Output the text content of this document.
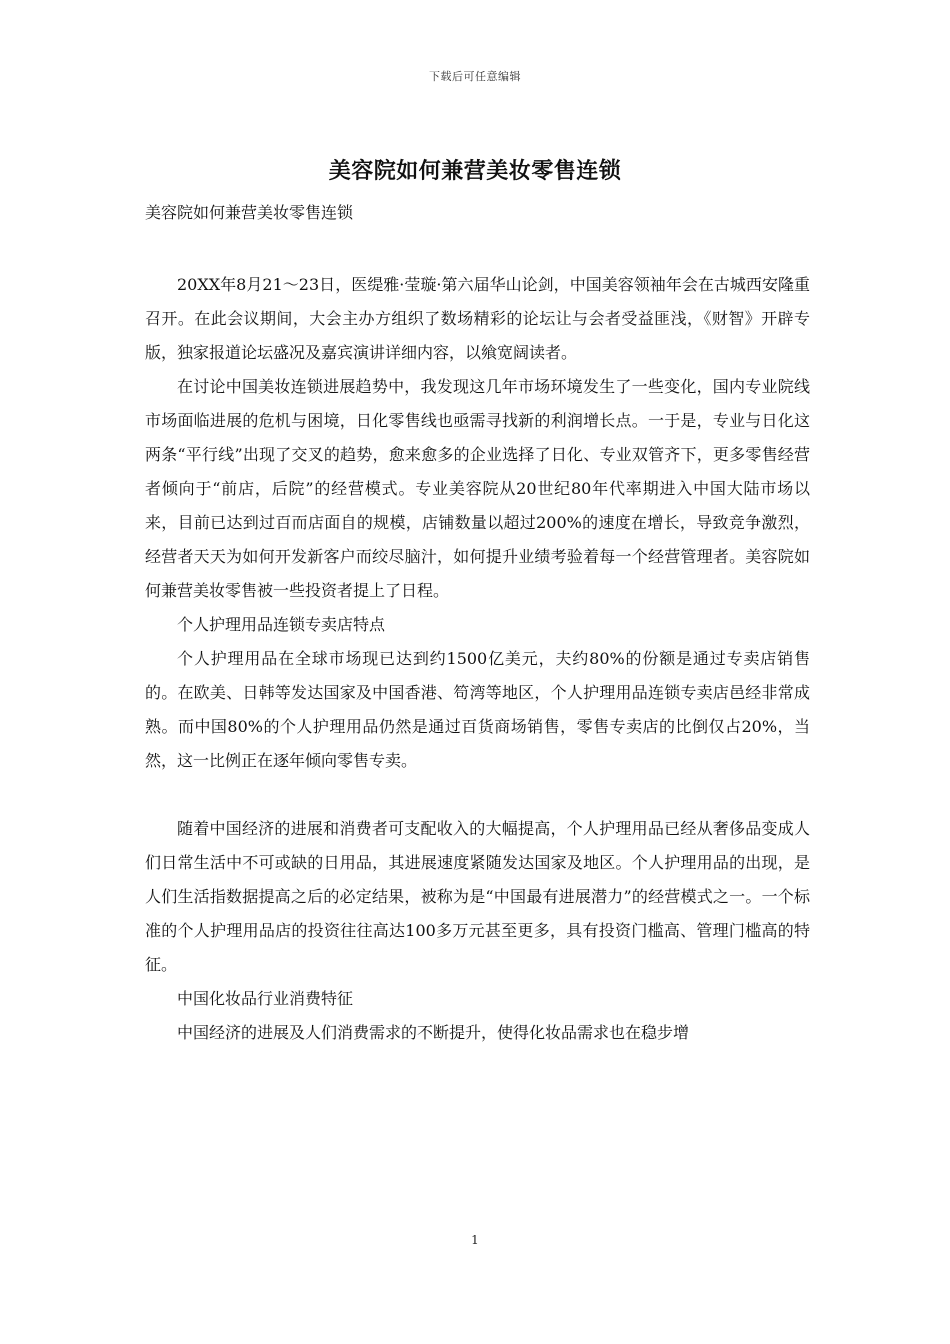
下载后可任意编辑
美容院如何兼营美妆零售连锁

美容院如何兼营美妆零售连锁

20XX年8月21～23日，医缇雅·莹璇·第六届华山论剑，中国美容领袖年会在古城西安隆重召开。在此会议期间，大会主办方组织了数场精彩的论坛让与会者受益匪浅，《财智》开辟专版，独家报道论坛盛况及嘉宾演讲详细内容，以飨宽阔读者。

在讨论中国美妆连锁进展趋势中，我发现这几年市场环境发生了一些变化，国内专业院线市场面临进展的危机与困境，日化零售线也亟需寻找新的利润增长点。一于是，专业与日化这两条“平行线”出现了交叉的趋势，愈来愈多的企业选择了日化、专业双管齐下，更多零售经营者倾向于“前店，后院”的经营模式。专业美容院从20世纪80年代率期进入中国大陆市场以来，目前已达到过百而店面自的规模，店铺数量以超过200%的速度在增长，导致竞争激烈，经营者天天为如何开发新客户而绞尽脑汁，如何提升业绩考验着每一个经营管理者。美容院如何兼营美妆零售被一些投资者提上了日程。

个人护理用品连锁专卖店特点

个人护理用品在全球市场现已达到约1500亿美元，夫约80%的份额是通过专卖店销售的。在欧美、日韩等发达国家及中国香港、笱湾等地区，个人护理用品连锁专卖店邑经非常成熟。而中国80%的个人护理用品仍然是通过百货商场销售，零售专卖店的比倒仅占20%，当然，这一比例正在逐年倾向零售专卖。

随着中国经济的进展和消费者可支配收入的大幅提高，个人护理用品已经从奢侈品变成人们日常生活中不可或缺的日用品，其进展速度紧随发达国家及地区。个人护理用品的出现，是人们生活指数据提高之后的必定结果，被称为是“中国最有进展潜力”的经营模式之一。一个标准的个人护理用品店的投资往往高达100多万元甚至更多，具有投资门槛高、管理门槛高的特征。

中国化妆品行业消费特征

中国经济的进展及人们消费需求的不断提升，使得化妆品需求也在稳步增

1
